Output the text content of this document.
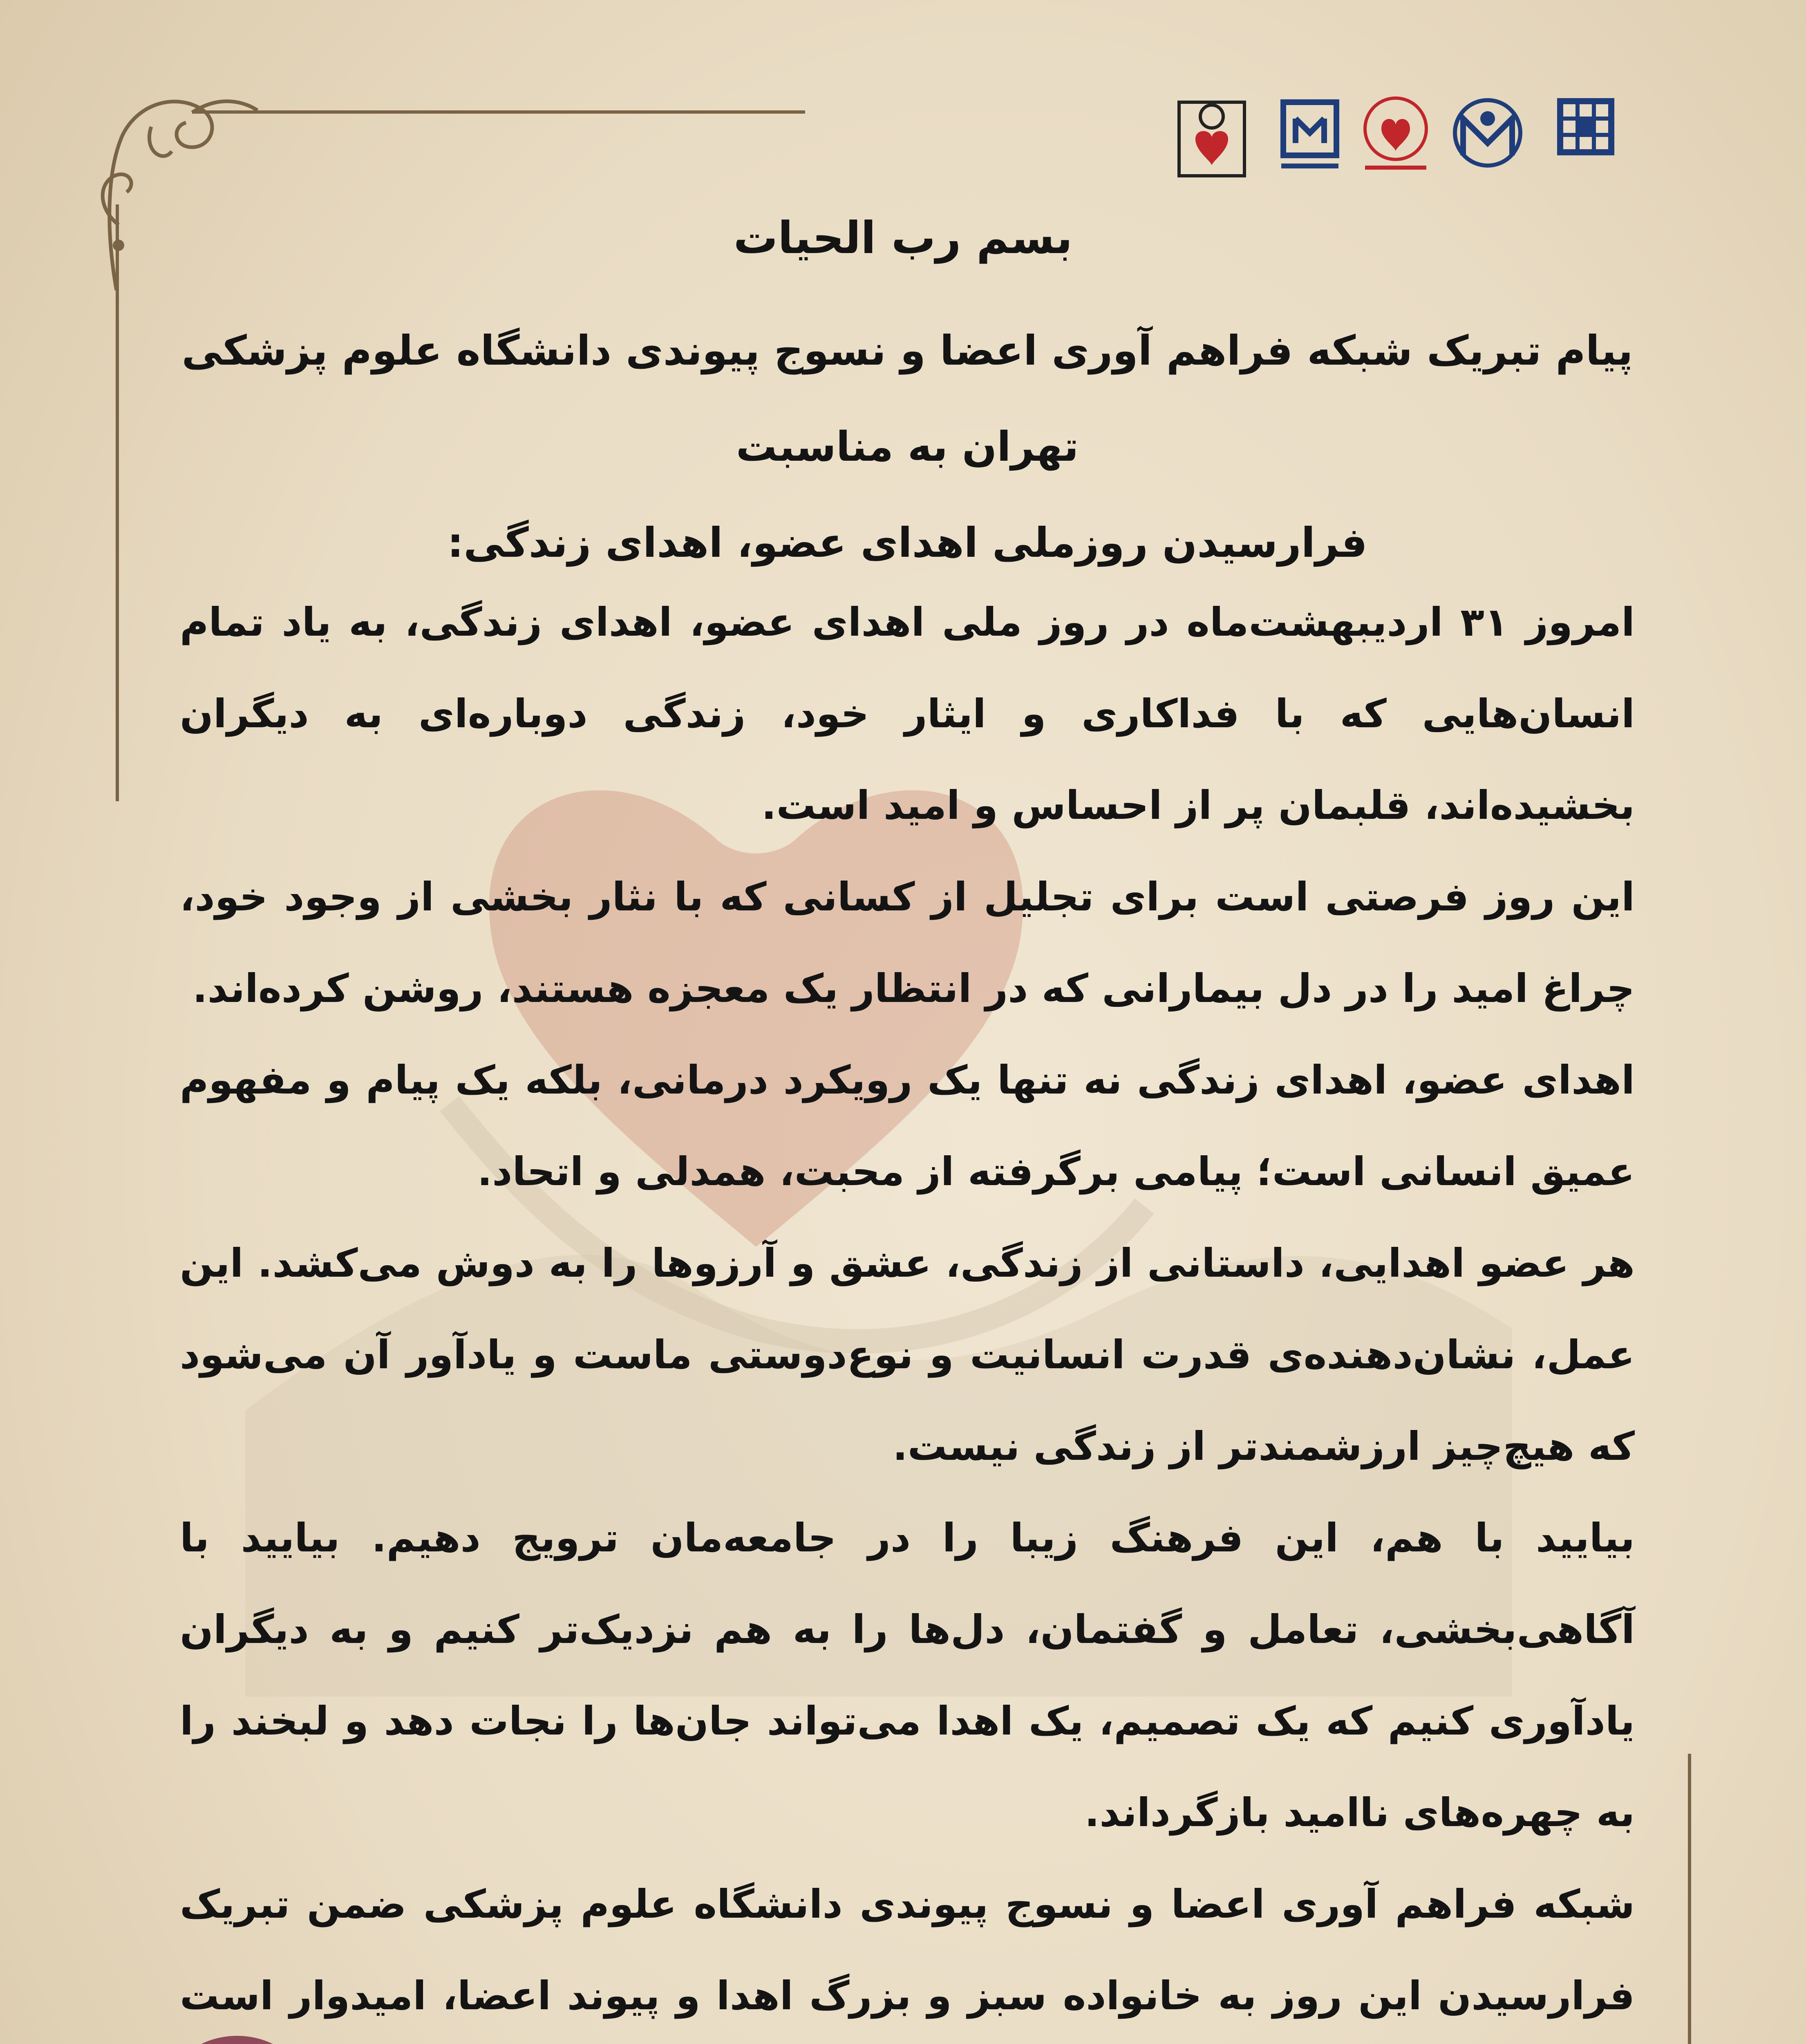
بسم رب الحیات
پیام تبریک شبکه فراهم آوری اعضا و نسوج پیوندی دانشگاه علوم پزشکی تهران به مناسبت
فرارسیدن روزملی اهدای عضو، اهدای زندگی:

امروز ۳۱ اردیبهشت‌ماه در روز ملی اهدای عضو، اهدای زندگی، به یاد تمام انسان‌هایی که با فداکاری و ایثار خود، زندگی دوباره‌ای به دیگران بخشیده‌اند، قلبمان پر از احساس و امید است.

این روز فرصتی است برای تجلیل از کسانی که با نثار بخشی از وجود خود، چراغ امید را در دل بیمارانی که در انتظار یک معجزه هستند، روشن کرده‌اند.

اهدای عضو، اهدای زندگی نه تنها یک رویکرد درمانی، بلکه یک پیام و مفهوم عمیق انسانی است؛ پیامی برگرفته از محبت، همدلی و اتحاد.

هر عضو اهدایی، داستانی از زندگی، عشق و آرزوها را به دوش می‌کشد. این عمل، نشان‌دهنده‌ی قدرت انسانیت و نوع‌دوستی ماست و یادآور آن می‌شود که هیچ‌چیز ارزشمندتر از زندگی نیست.

بیایید با هم، این فرهنگ زیبا را در جامعه‌مان ترویج دهیم. بیایید با آگاهی‌بخشی، تعامل و گفتمان، دل‌ها را به هم نزدیک‌تر کنیم و به دیگران یادآوری کنیم که یک تصمیم، یک اهدا می‌تواند جان‌ها را نجات دهد و لبخند را به چهره‌های ناامید بازگرداند.

شبکه فراهم آوری اعضا و نسوج پیوندی دانشگاه علوم پزشکی ضمن تبریک فرارسیدن این روز به خانواده سبز و بزرگ اهدا و پیوند اعضا، امیدوار است
